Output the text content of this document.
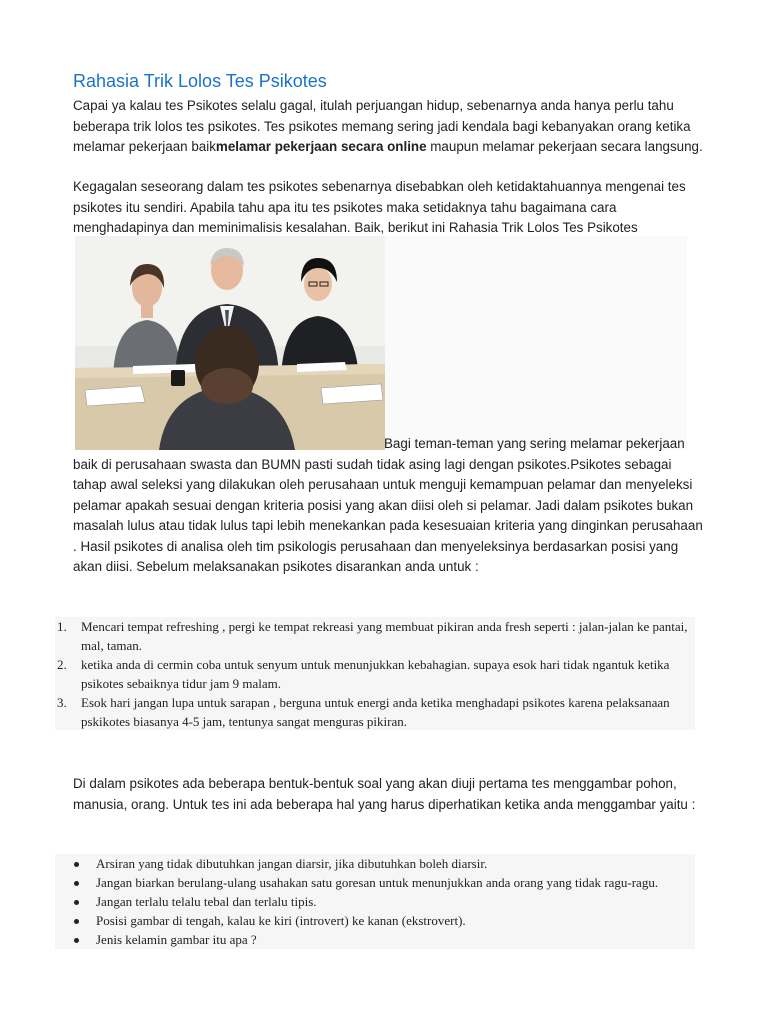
Rahasia Trik Lolos Tes Psikotes

Capai ya kalau tes Psikotes selalu gagal, itulah perjuangan hidup, sebenarnya anda hanya perlu tahu beberapa trik lolos tes psikotes. Tes psikotes memang sering jadi kendala bagi kebanyakan orang ketika melamar pekerjaan baikmelamar pekerjaan secara online maupun melamar pekerjaan secara langsung.

Kegagalan seseorang dalam tes psikotes sebenarnya disebabkan oleh ketidaktahuannya mengenai tes psikotes itu sendiri. Apabila tahu apa itu tes psikotes maka setidaknya tahu bagaimana cara menghadapinya dan meminimalisis kesalahan. Baik, berikut ini Rahasia Trik Lolos Tes Psikotes

Bagi teman-teman yang sering melamar pekerjaan
baik di perusahaan swasta dan BUMN pasti sudah tidak asing lagi dengan psikotes.Psikotes sebagai tahap awal seleksi yang dilakukan oleh perusahaan untuk menguji kemampuan pelamar dan menyeleksi pelamar apakah sesuai dengan kriteria posisi yang akan diisi oleh si pelamar. Jadi dalam psikotes bukan masalah lulus atau tidak lulus tapi lebih menekankan pada kesesuaian kriteria yang dinginkan perusahaan . Hasil psikotes di analisa oleh tim psikologis perusahaan dan menyeleksinya berdasarkan posisi yang akan diisi. Sebelum melaksanakan psikotes disarankan anda untuk :

1. Mencari tempat refreshing , pergi ke tempat rekreasi yang membuat pikiran anda fresh seperti : jalan-jalan ke pantai, mal, taman.
2. ketika anda di cermin coba untuk senyum untuk menunjukkan kebahagian. supaya esok hari tidak ngantuk ketika psikotes sebaiknya tidur jam 9 malam.
3. Esok hari jangan lupa untuk sarapan , berguna untuk energi anda ketika menghadapi psikotes karena pelaksanaan pskikotes biasanya 4-5 jam, tentunya sangat menguras pikiran.

Di dalam psikotes ada beberapa bentuk-bentuk soal yang akan diuji pertama tes menggambar pohon, manusia, orang. Untuk tes ini ada beberapa hal yang harus diperhatikan ketika anda menggambar yaitu :

Arsiran yang tidak dibutuhkan jangan diarsir, jika dibutuhkan boleh diarsir.
Jangan biarkan berulang-ulang usahakan satu goresan untuk menunjukkan anda orang yang tidak ragu-ragu.
Jangan terlalu telalu tebal dan terlalu tipis.
Posisi gambar di tengah, kalau ke kiri (introvert) ke kanan (ekstrovert).
Jenis kelamin gambar itu apa ?
